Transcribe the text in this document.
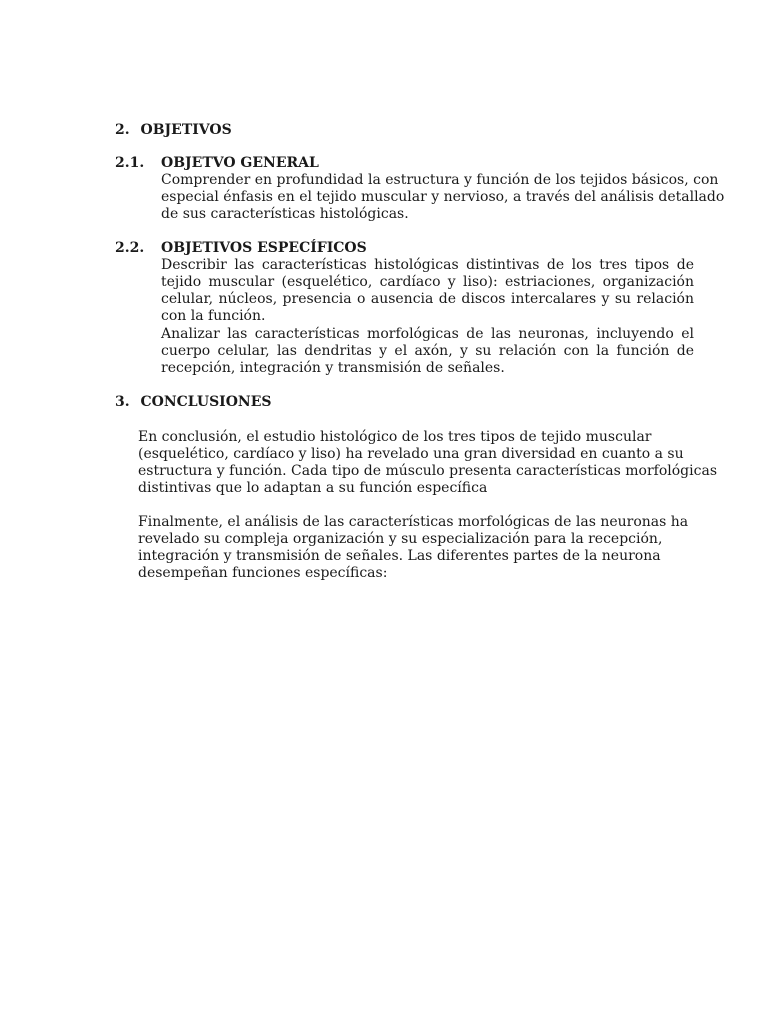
2. OBJETIVOS
2.1. OBJETVO GENERAL
Comprender en profundidad la estructura y función de los tejidos básicos, con
especial énfasis en el tejido muscular y nervioso, a través del análisis detallado
de sus características histológicas.
2.2. OBJETIVOS ESPECÍFICOS

Describir las características histológicas distintivas de los tres tipos de tejido muscular (esquelético, cardíaco y liso): estriaciones, organización celular, núcleos, presencia o ausencia de discos intercalares y su relación con la función.

Analizar las características morfológicas de las neuronas, incluyendo el cuerpo celular, las dendritas y el axón, y su relación con la función de recepción, integración y transmisión de señales.

3. CONCLUSIONES
En conclusión, el estudio histológico de los tres tipos de tejido muscular
(esquelético, cardíaco y liso) ha revelado una gran diversidad en cuanto a su
estructura y función. Cada tipo de músculo presenta características morfológicas
distintivas que lo adaptan a su función específica
Finalmente, el análisis de las características morfológicas de las neuronas ha
revelado su compleja organización y su especialización para la recepción,
integración y transmisión de señales. Las diferentes partes de la neurona
desempeñan funciones específicas:
